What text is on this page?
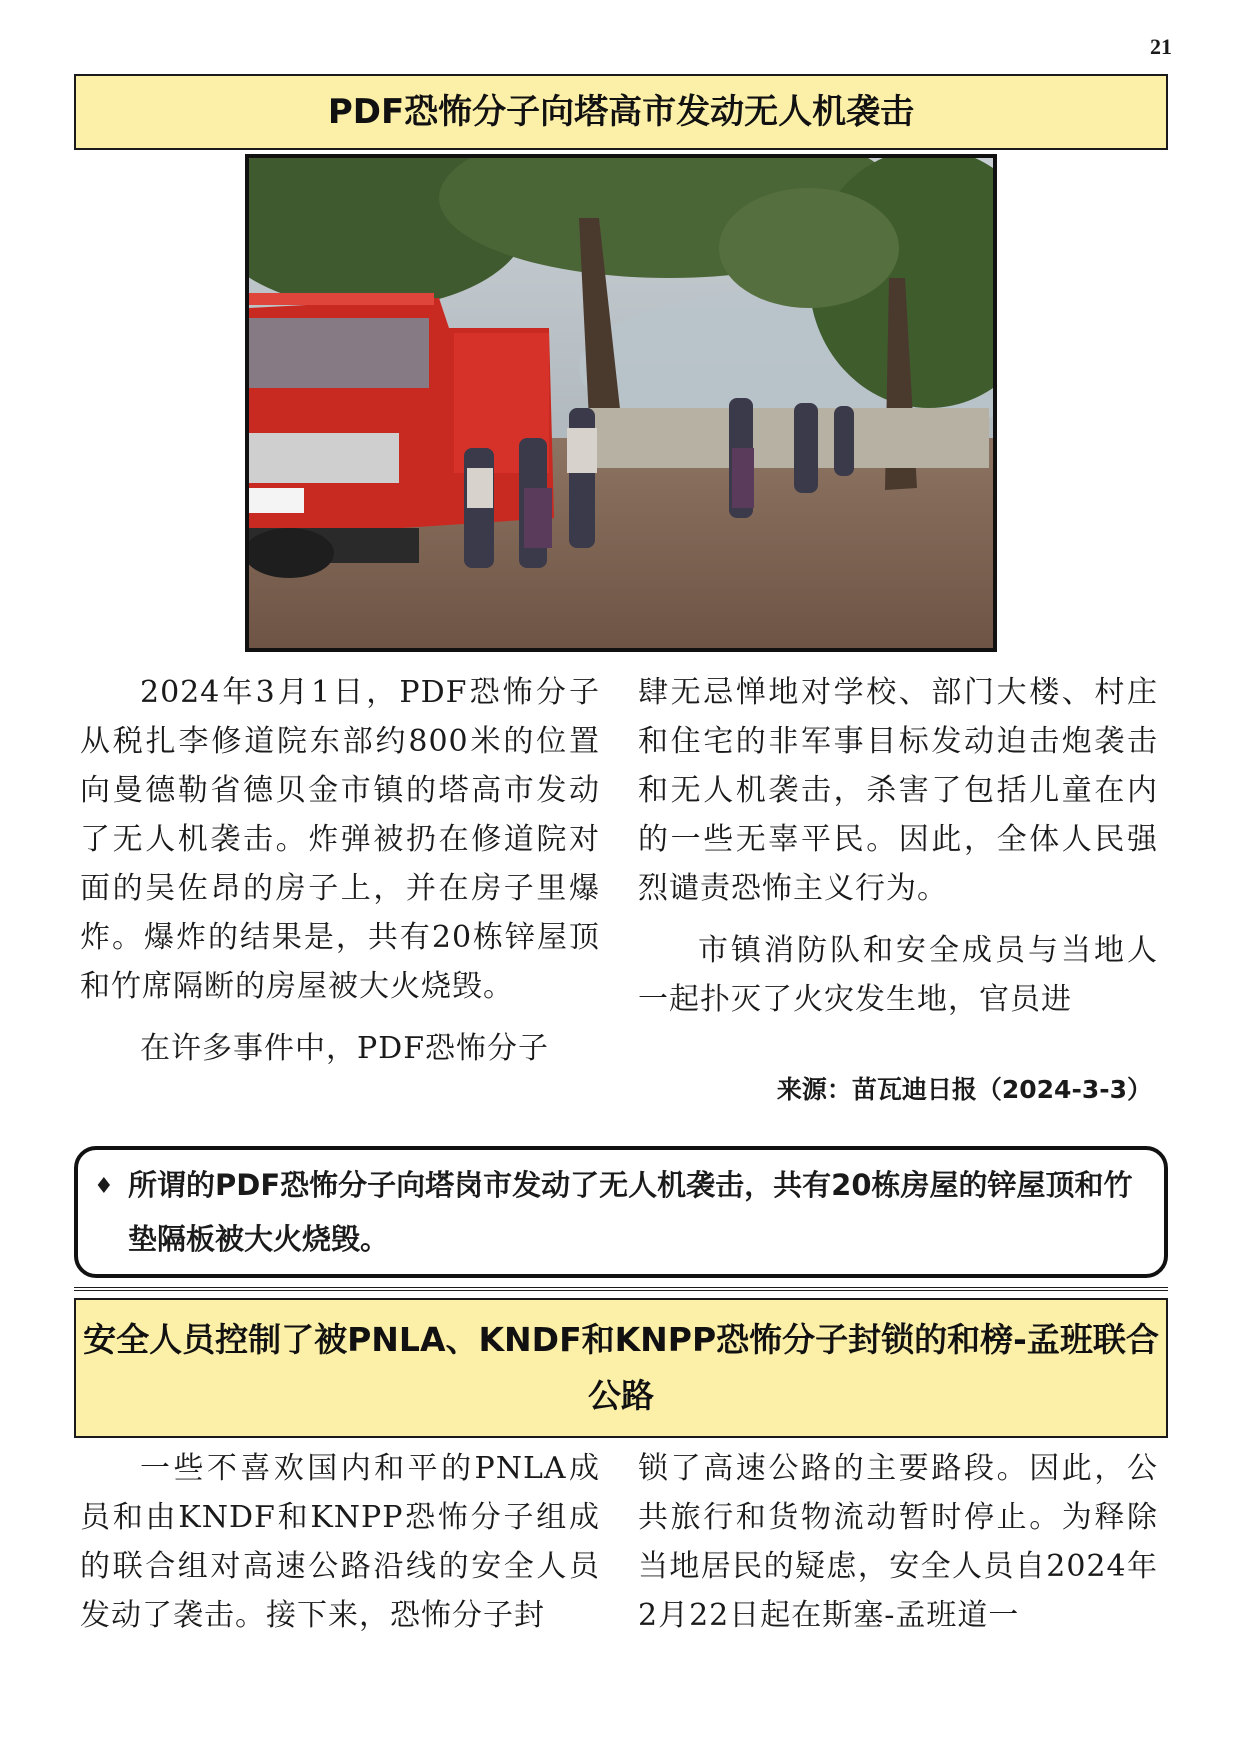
21
PDF恐怖分子向塔高市发动无人机袭击

2024年3月1日，PDF恐怖分子从税扎李修道院东部约800米的位置向曼德勒省德贝金市镇的塔高市发动了无人机袭击。炸弹被扔在修道院对面的吴佐昂的房子上，并在房子里爆炸。爆炸的结果是，共有20栋锌屋顶和竹席隔断的房屋被大火烧毁。

在许多事件中，PDF恐怖分子

肆无忌惮地对学校、部门大楼、村庄和住宅的非军事目标发动迫击炮袭击和无人机袭击，杀害了包括儿童在内的一些无辜平民。因此，全体人民强烈谴责恐怖主义行为。

市镇消防队和安全成员与当地人一起扑灭了火灾发生地，官员进

来源：苗瓦迪日报（2024-3-3）
♦ 所谓的PDF恐怖分子向塔岗市发动了无人机袭击，共有20栋房屋的锌屋顶和竹垫隔板被大火烧毁。
安全人员控制了被PNLA、KNDF和KNPP恐怖分子封锁的和榜-孟班联合公路

一些不喜欢国内和平的PNLA成员和由KNDF和KNPP恐怖分子组成的联合组对高速公路沿线的安全人员发动了袭击。接下来，恐怖分子封

锁了高速公路的主要路段。因此，公共旅行和货物流动暂时停止。为释除当地居民的疑虑，安全人员自2024年2月22日起在斯塞-孟班道一
